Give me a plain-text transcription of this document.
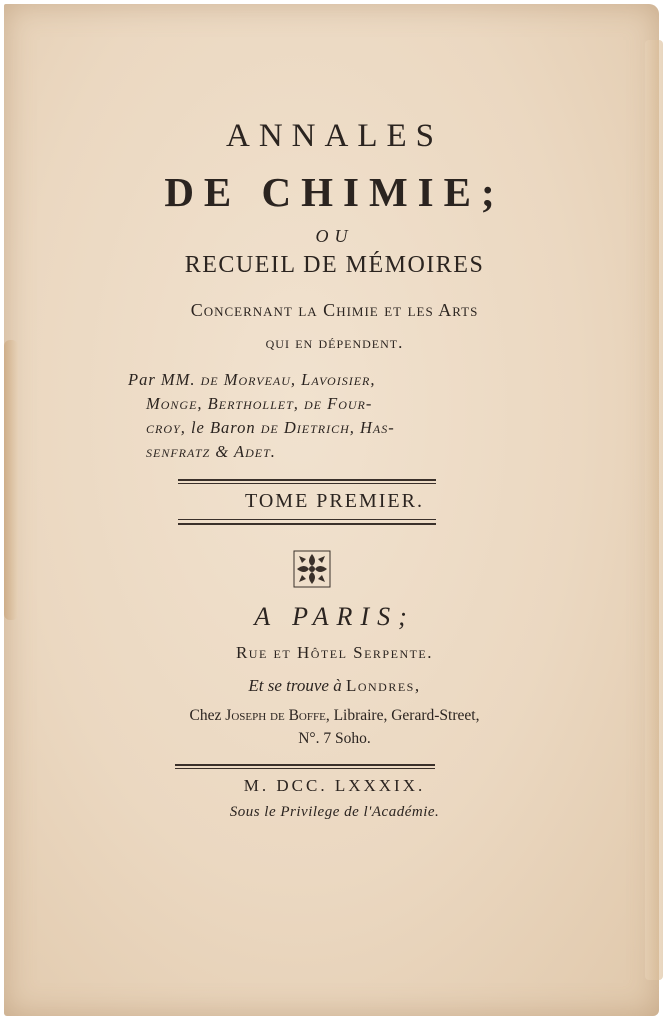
ANNALES
DE CHIMIE;
OU
RECUEIL DE MÉMOIRES
Concernant la Chimie et les Arts
qui en dépendent.
Par MM. de Morveau, Lavoisier,
Monge, Berthollet, de Four-
croy, le Baron de Dietrich, Has-
senfratz & Adet.
TOME PREMIER.
A PARIS;
Rue et Hôtel Serpente.
Et se trouve à Londres,
Chez Joseph de Boffe, Libraire, Gerard-Street,
N°. 7 Soho.
M. DCC. LXXXIX.
Sous le Privilege de l'Académie.
